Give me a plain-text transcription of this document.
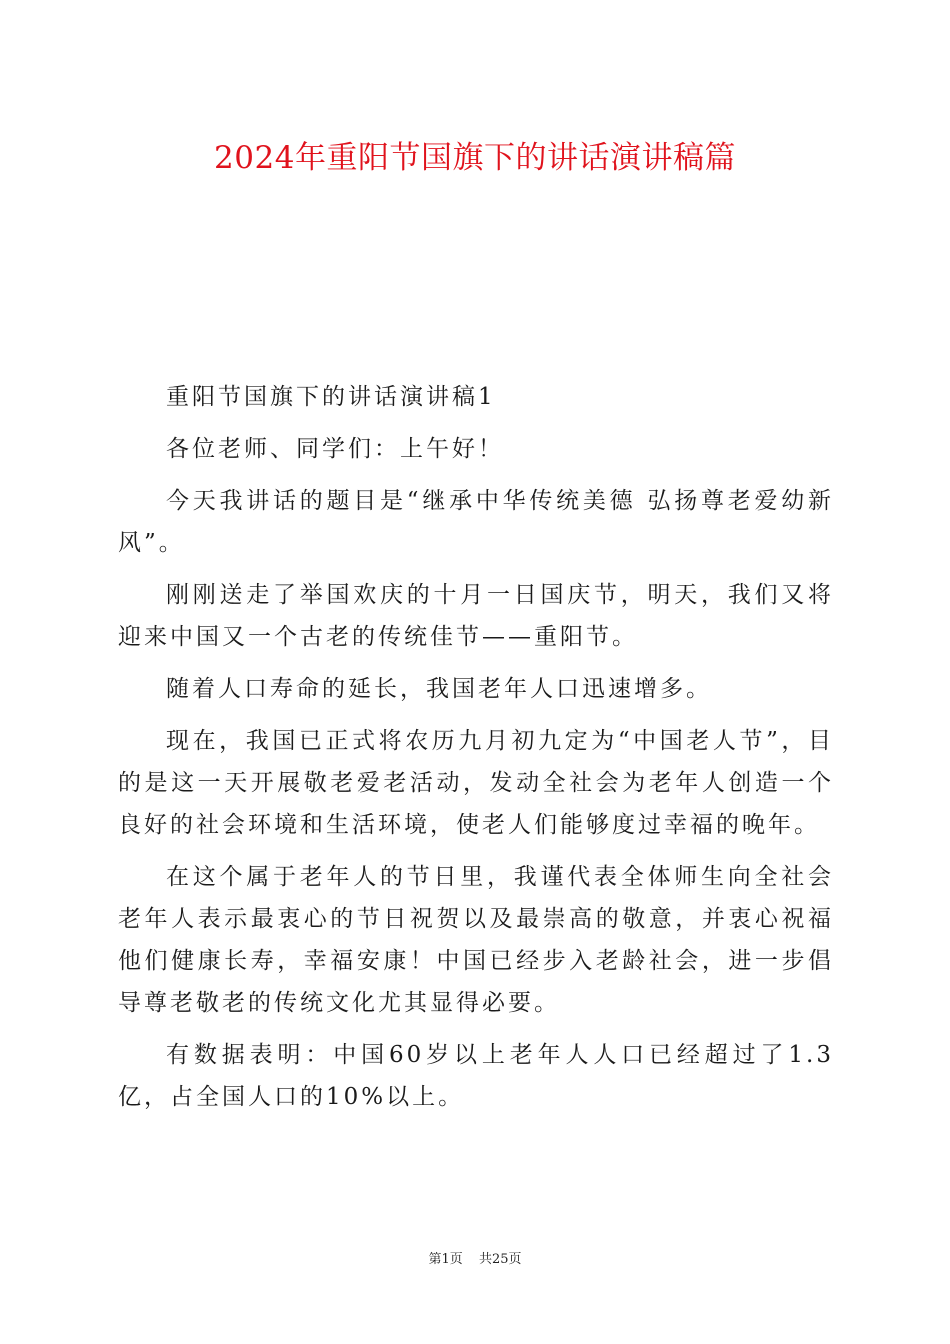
2024年重阳节国旗下的讲话演讲稿篇

重阳节国旗下的讲话演讲稿1

各位老师、同学们：上午好！

今天我讲话的题目是“继承中华传统美德 弘扬尊老爱幼新风”。

刚刚送走了举国欢庆的十月一日国庆节，明天，我们又将迎来中国又一个古老的传统佳节——重阳节。

随着人口寿命的延长，我国老年人口迅速增多。

现在，我国已正式将农历九月初九定为“中国老人节”，目的是这一天开展敬老爱老活动，发动全社会为老年人创造一个良好的社会环境和生活环境，使老人们能够度过幸福的晚年。

在这个属于老年人的节日里，我谨代表全体师生向全社会老年人表示最衷心的节日祝贺以及最崇高的敬意，并衷心祝福他们健康长寿，幸福安康！中国已经步入老龄社会，进一步倡导尊老敬老的传统文化尤其显得必要。

有数据表明：中国60岁以上老年人人口已经超过了1.3亿，占全国人口的10%以上。

第1页 共25页
